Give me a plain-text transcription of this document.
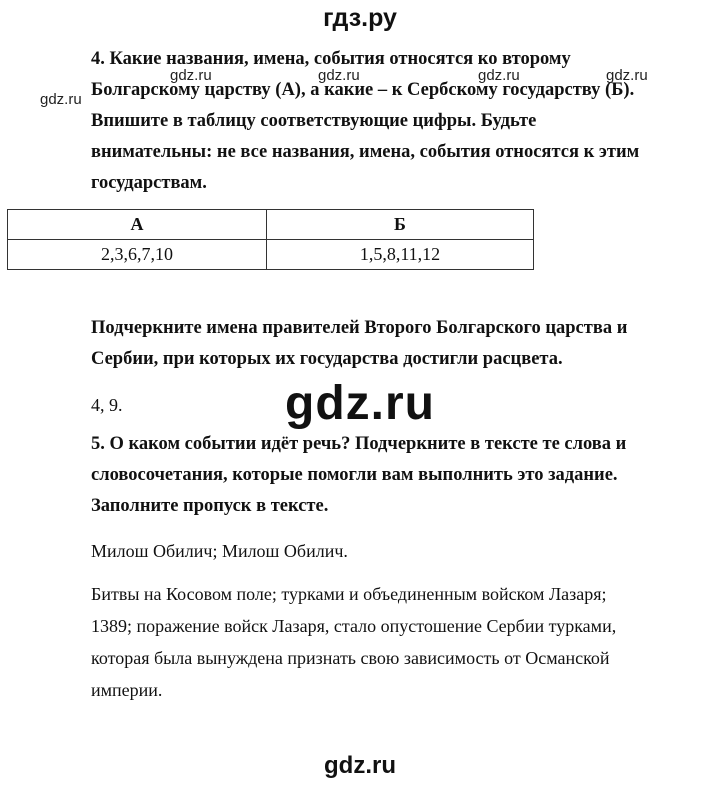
гдз.ру
gdz.ru	gdz.ru	gdz.ru	gdz.ru
gdz.ru
4. Какие названия, имена, события относятся ко второму
Болгарскому царству (А), а какие – к Сербскому государству (Б).
Впишите в таблицу соответствующие цифры. Будьте
внимательны: не все названия, имена, события относятся к этим
государствам.
А	Б
2,3,6,7,10	1,5,8,11,12
Подчеркните имена правителей Второго Болгарского царства и
Сербии, при которых их государства достигли расцвета.
4, 9.	gdz.ru
5. О каком событии идёт речь? Подчеркните в тексте те слова и
словосочетания, которые помогли вам выполнить это задание.
Заполните пропуск в тексте.
Милош Обилич; Милош Обилич.
Битвы на Косовом поле; турками и объединенным войском Лазаря;
1389; поражение войск Лазаря, стало опустошение Сербии турками,
которая была вынуждена признать свою зависимость от Османской
империи.
gdz.ru
